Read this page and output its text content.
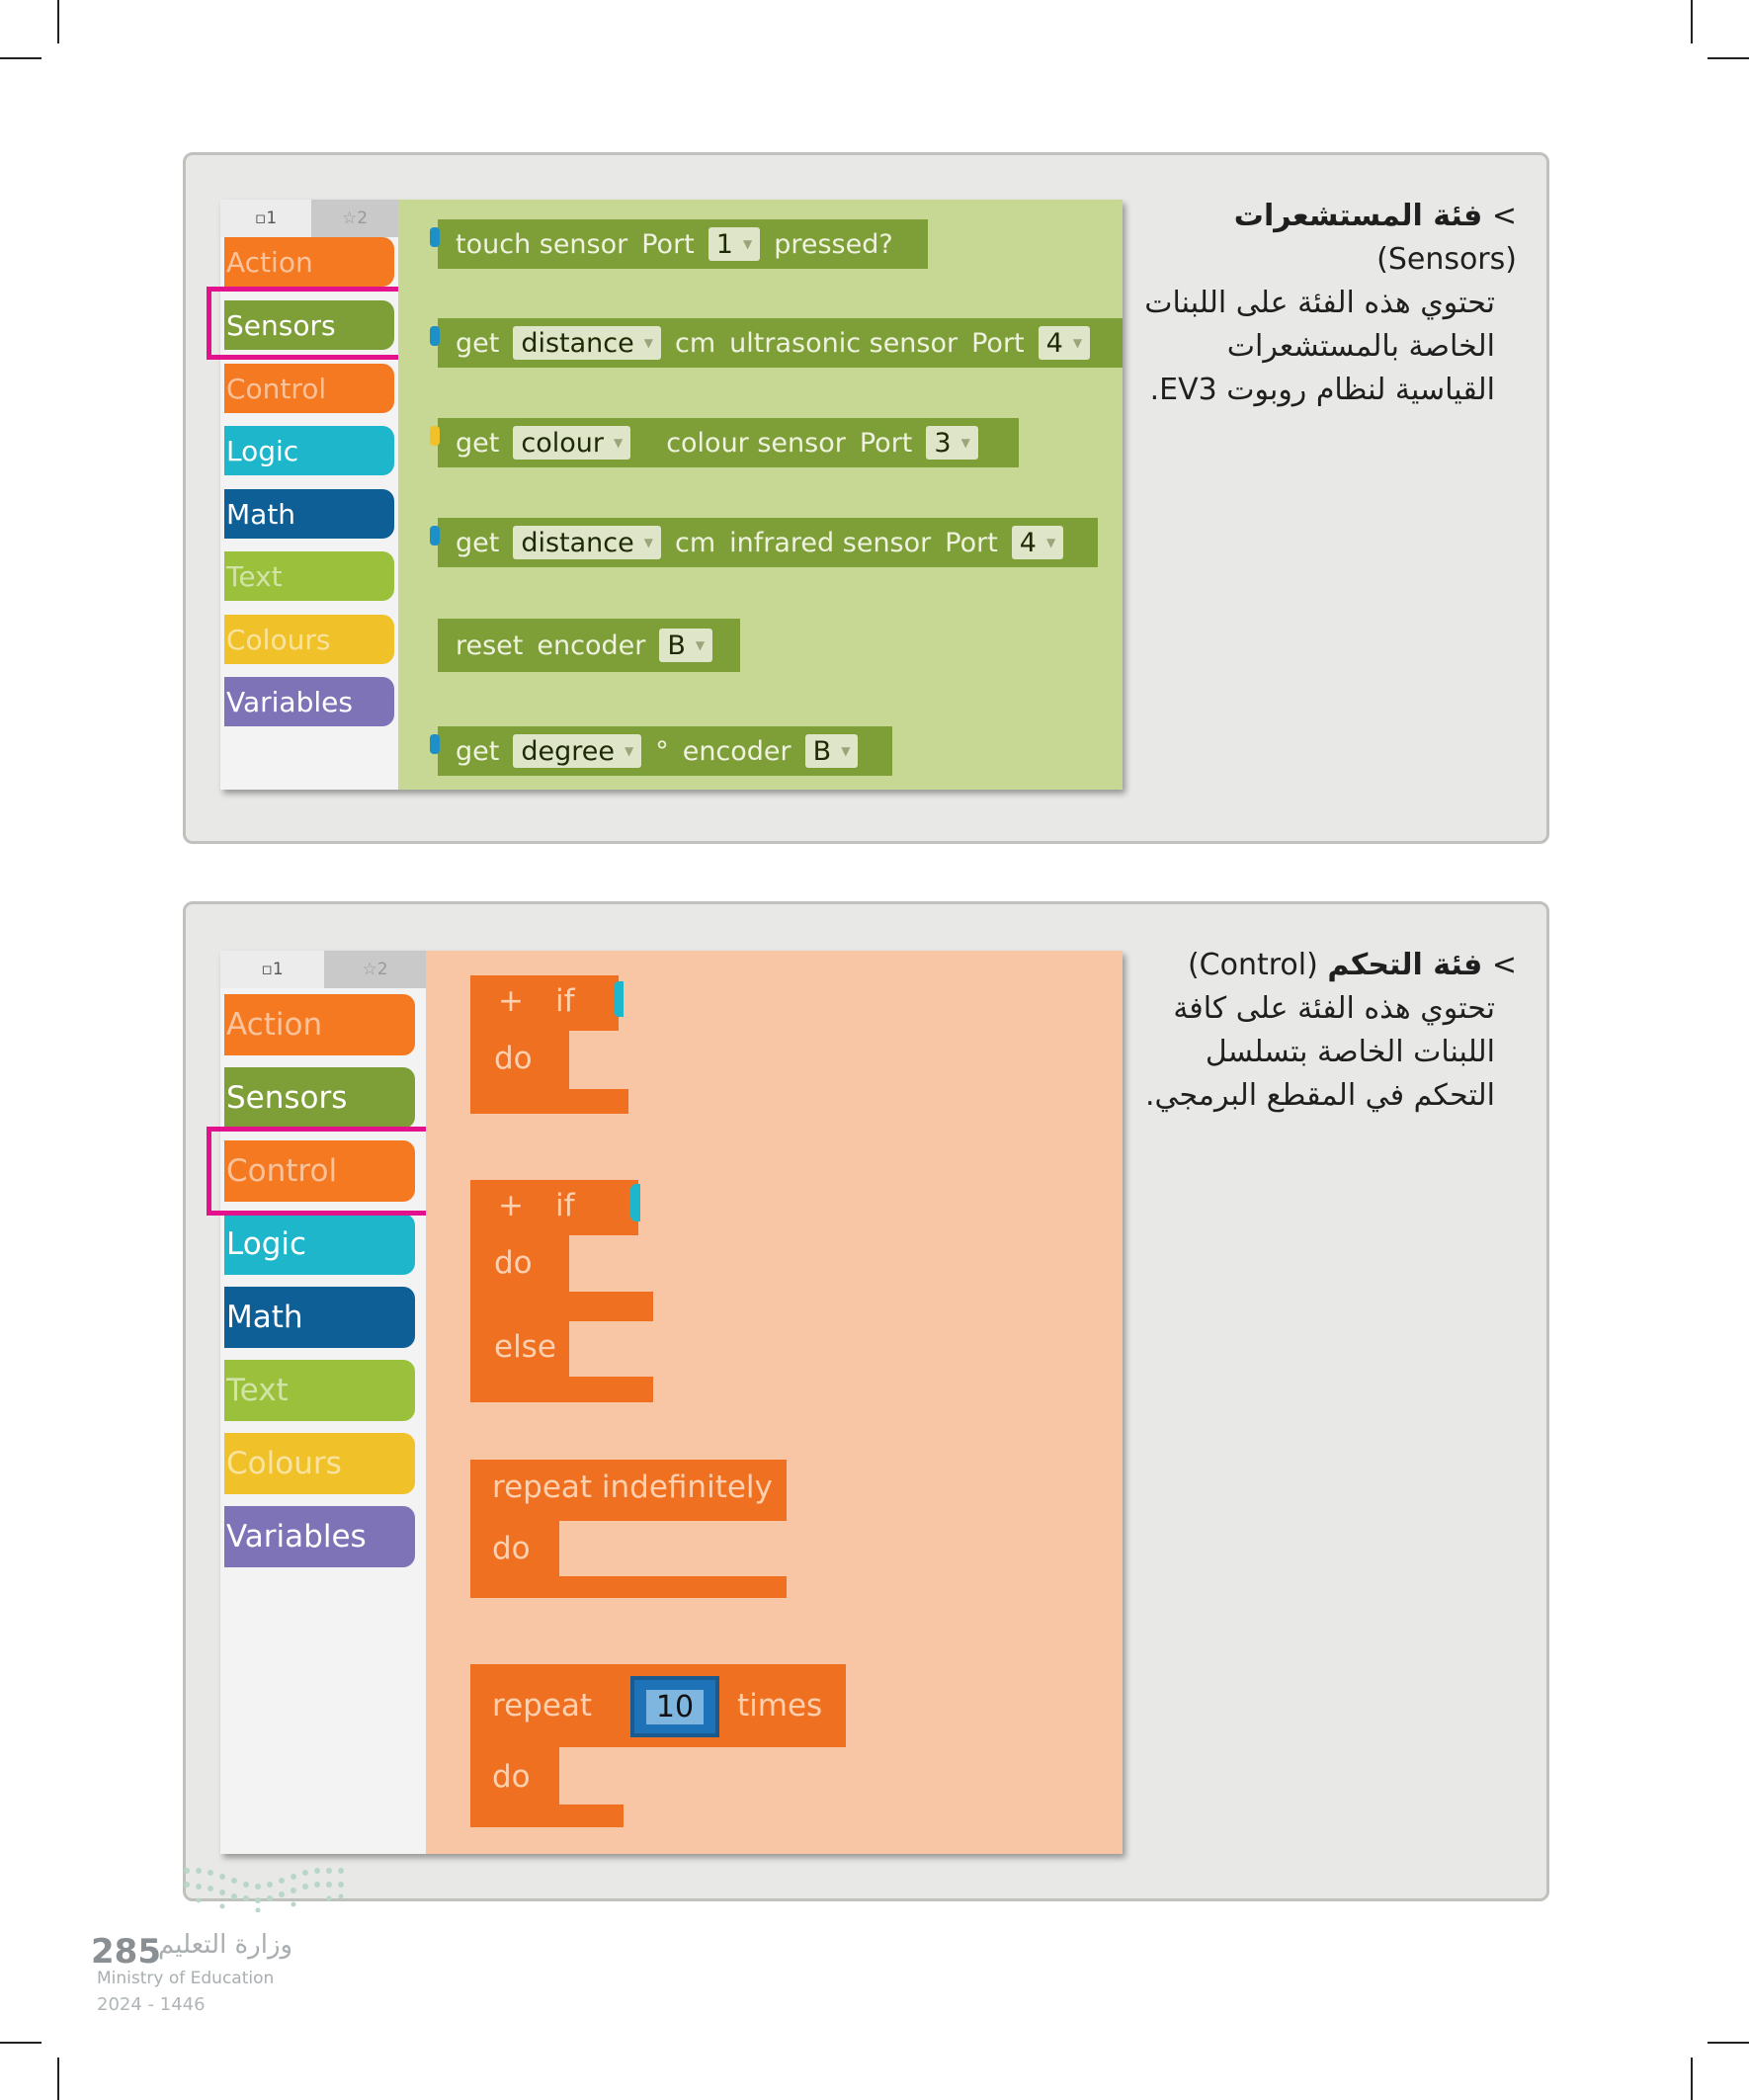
▫1	☆2
Action
Sensors
Control
Logic
Math
Text
Colours
Variables
touch sensor Port 1 ▼ pressed?
get distance ▼ cm ultrasonic sensor Port 4 ▼
get colour ▼ colour sensor Port 3 ▼
get distance ▼ cm infrared sensor Port 4 ▼
reset encoder B ▼
get degree ▼ ° encoder B ▼
> فئة المستشعرات (Sensors)
تحتوي هذه الفئة على اللبنات الخاصة بالمستشعرات القياسية لنظام روبوت EV3.
▫1	☆2
Action
Sensors
Control
Logic
Math
Text
Colours
Variables
+ if
do
+ if
do
else
repeat indefinitely
do
repeat	10	times
do
> فئة التحكم (Control)
تحتوي هذه الفئة على كافة اللبنات الخاصة بتسلسل التحكم في المقطع البرمجي.
وزارة التعليم
285
Ministry of Education
2024 - 1446
